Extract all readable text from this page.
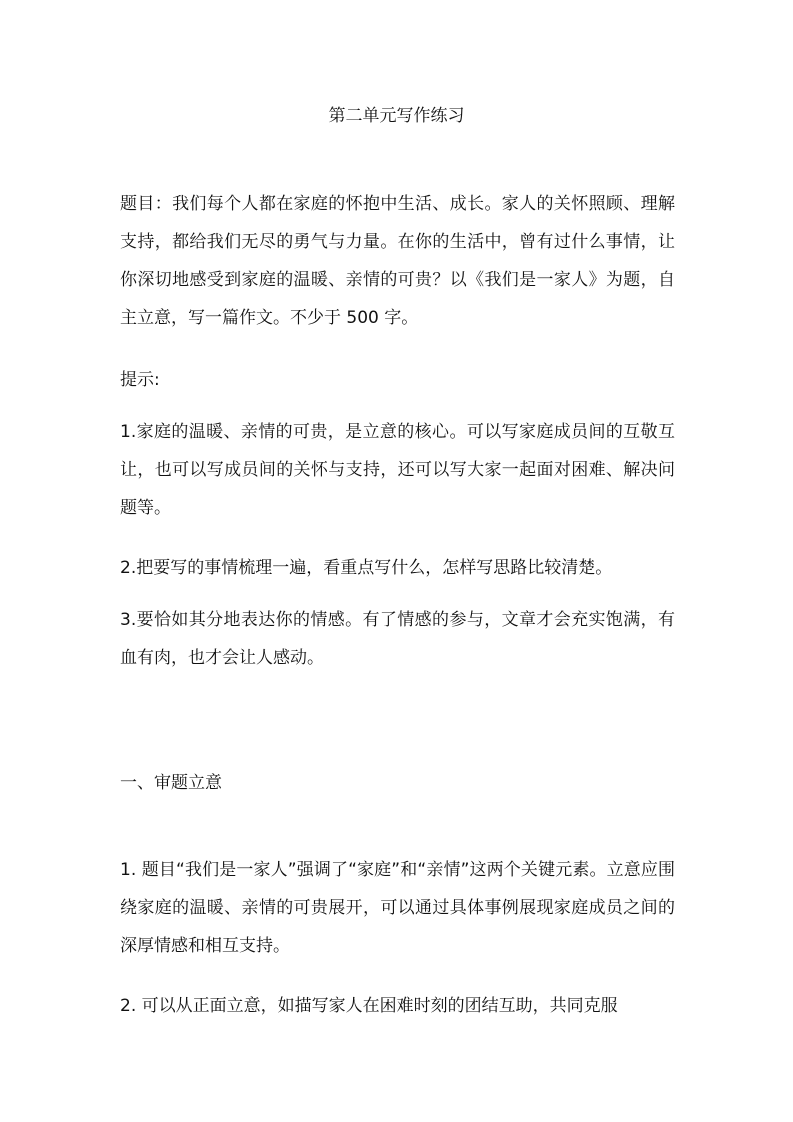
第二单元写作练习

题目：我们每个人都在家庭的怀抱中生活、成长。家人的关怀照顾、理解支持，都给我们无尽的勇气与力量。在你的生活中，曾有过什么事情，让你深切地感受到家庭的温暖、亲情的可贵？以《我们是一家人》为题，自主立意，写一篇作文。不少于 500 字。

提示:

1.家庭的温暖、亲情的可贵，是立意的核心。可以写家庭成员间的互敬互让，也可以写成员间的关怀与支持，还可以写大家一起面对困难、解决问题等。

2.把要写的事情梳理一遍，看重点写什么，怎样写思路比较清楚。

3.要恰如其分地表达你的情感。有了情感的参与，文章才会充实饱满，有血有肉，也才会让人感动。

一、审题立意

1. 题目“我们是一家人”强调了“家庭”和“亲情”这两个关键元素。立意应围绕家庭的温暖、亲情的可贵展开，可以通过具体事例展现家庭成员之间的深厚情感和相互支持。

2. 可以从正面立意，如描写家人在困难时刻的团结互助，共同克服
